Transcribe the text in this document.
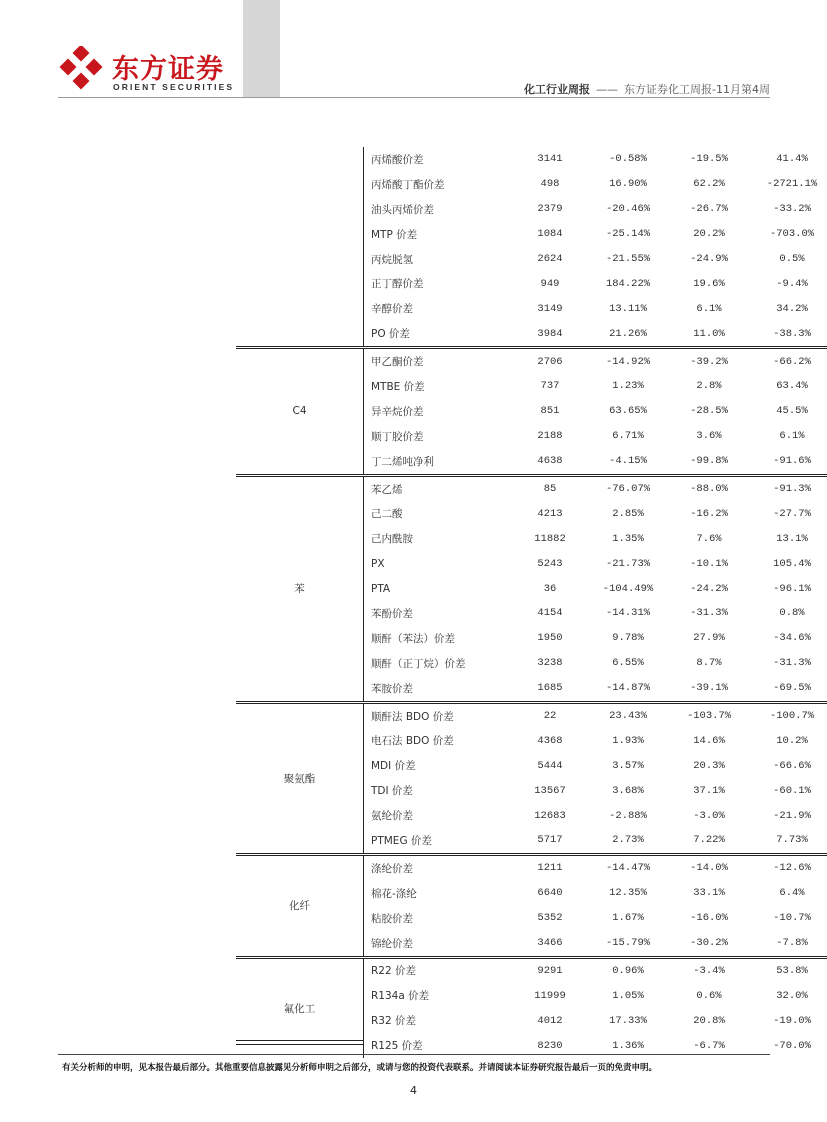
东方证券
ORIENT SECURITIES	化工行业周报 —— 东方证券化工周报-11月第4周
	丙烯酸价差	3141	-0.58%	-19.5%	41.4%
	丙烯酸丁酯价差	498	16.90%	62.2%	-2721.1%
	油头丙烯价差	2379	-20.46%	-26.7%	-33.2%
	MTP 价差	1084	-25.14%	20.2%	-703.0%
	丙烷脱氢	2624	-21.55%	-24.9%	0.5%
	正丁醇价差	949	184.22%	19.6%	-9.4%
	辛醇价差	3149	13.11%	6.1%	34.2%
	PO 价差	3984	21.26%	11.0%	-38.3%
C4	甲乙酮价差	2706	-14.92%	-39.2%	-66.2%
	MTBE 价差	737	1.23%	2.8%	63.4%
	异辛烷价差	851	63.65%	-28.5%	45.5%
	顺丁胶价差	2188	6.71%	3.6%	6.1%
	丁二烯吨净利	4638	-4.15%	-99.8%	-91.6%
苯	苯乙烯	85	-76.07%	-88.0%	-91.3%
	己二酸	4213	2.85%	-16.2%	-27.7%
	己内酰胺	11882	1.35%	7.6%	13.1%
	PX	5243	-21.73%	-10.1%	105.4%
	PTA	36	-104.49%	-24.2%	-96.1%
	苯酚价差	4154	-14.31%	-31.3%	0.8%
	顺酐（苯法）价差	1950	9.78%	27.9%	-34.6%
	顺酐（正丁烷）价差	3238	6.55%	8.7%	-31.3%
	苯胺价差	1685	-14.87%	-39.1%	-69.5%
聚氨酯	顺酐法 BDO 价差	22	23.43%	-103.7%	-100.7%
	电石法 BDO 价差	4368	1.93%	14.6%	10.2%
	MDI 价差	5444	3.57%	20.3%	-66.6%
	TDI 价差	13567	3.68%	37.1%	-60.1%
	氨纶价差	12683	-2.88%	-3.0%	-21.9%
	PTMEG 价差	5717	2.73%	7.22%	7.73%
化纤	涤纶价差	1211	-14.47%	-14.0%	-12.6%
	棉花-涤纶	6640	12.35%	33.1%	6.4%
	粘胶价差	5352	1.67%	-16.0%	-10.7%
	锦纶价差	3466	-15.79%	-30.2%	-7.8%
氟化工	R22 价差	9291	0.96%	-3.4%	53.8%
	R134a 价差	11999	1.05%	0.6%	32.0%
	R32 价差	4012	17.33%	20.8%	-19.0%
	R125 价差	8230	1.36%	-6.7%	-70.0%
有关分析师的申明，见本报告最后部分。其他重要信息披露见分析师申明之后部分，或请与您的投资代表联系。并请阅读本证券研究报告最后一页的免责申明。
4
